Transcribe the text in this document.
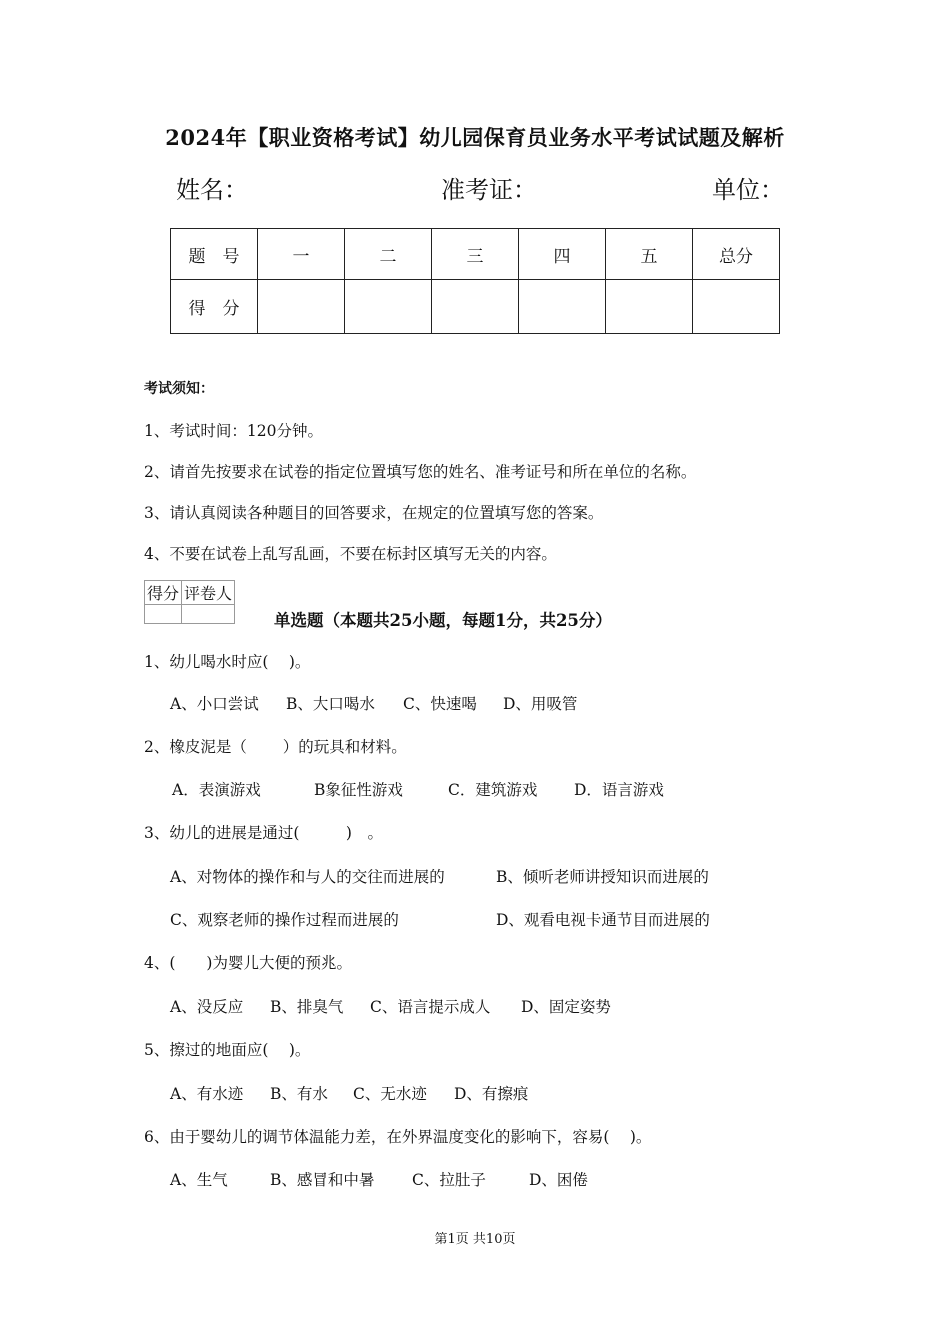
2024年【职业资格考试】幼儿园保育员业务水平考试试题及解析
姓名：	准考证：	单位：
题　号	一	二	三	四	五	总分
得　分						
考试须知：
1、考试时间：120分钟。
2、请首先按要求在试卷的指定位置填写您的姓名、准考证号和所在单位的名称。
3、请认真阅读各种题目的回答要求，在规定的位置填写您的答案。
4、不要在试卷上乱写乱画，不要在标封区填写无关的内容。
得分	评卷人

单选题（本题共25小题，每题1分，共25分）
1、幼儿喝水时应(　 )。
A、小口尝试 B、大口喝水 C、快速喝 D、用吸管
2、橡皮泥是（　　 ）的玩具和材料。
A．表演游戏	B象征性游戏	C．建筑游戏 D．语言游戏
3、幼儿的进展是通过(　　　)　。
A、对物体的操作和与人的交往而进展的	B、倾听老师讲授知识而进展的
C、观察老师的操作过程而进展的	D、观看电视卡通节目而进展的
4、(　　)为婴儿大便的预兆。
A、没反应 B、排臭气 C、语言提示成人 D、固定姿势
5、擦过的地面应(　 )。
A、有水迹 B、有水 C、无水迹 D、有擦痕
6、由于婴幼儿的调节体温能力差，在外界温度变化的影响下，容易(　 )。
A、生气	B、感冒和中暑 C、拉肚子	D、困倦
第1页 共10页
